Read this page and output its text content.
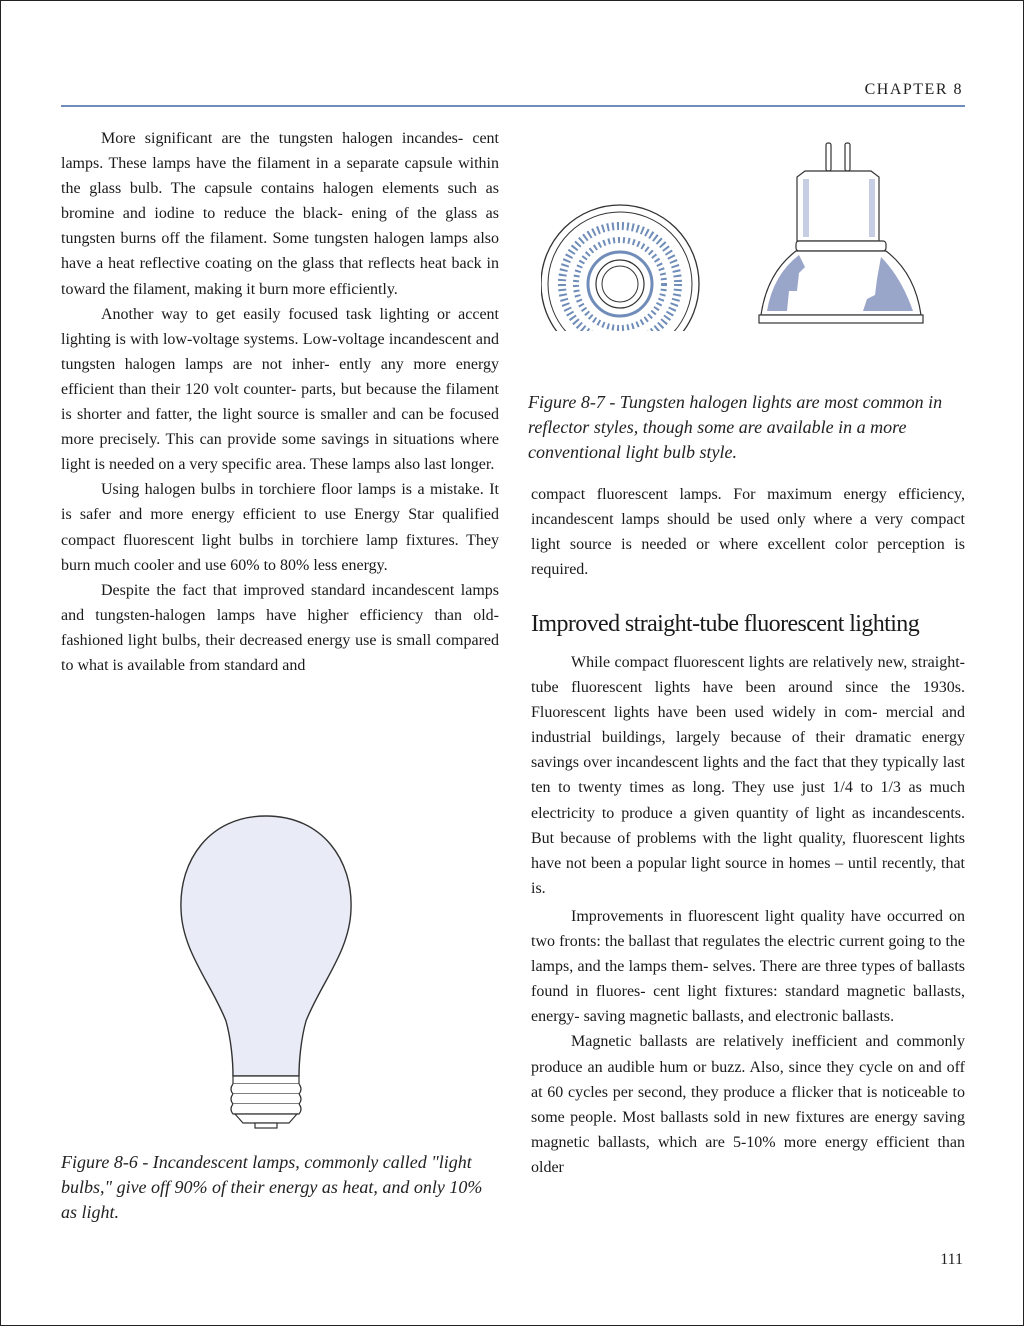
CHAPTER 8

More significant are the tungsten halogen incandes- cent lamps. These lamps have the filament in a separate capsule within the glass bulb. The capsule contains halogen elements such as bromine and iodine to reduce the black- ening of the glass as tungsten burns off the filament. Some tungsten halogen lamps also have a heat reflective coating on the glass that reflects heat back in toward the filament, making it burn more efficiently.

Another way to get easily focused task lighting or accent lighting is with low-voltage systems. Low-voltage incandescent and tungsten halogen lamps are not inher- ently any more energy efficient than their 120 volt counter- parts, but because the filament is shorter and fatter, the light source is smaller and can be focused more precisely. This can provide some savings in situations where light is needed on a very specific area. These lamps also last longer.

Using halogen bulbs in torchiere floor lamps is a mistake. It is safer and more energy efficient to use Energy Star qualified compact fluorescent light bulbs in torchiere lamp fixtures. They burn much cooler and use 60% to 80% less energy.

Despite the fact that improved standard incandescent lamps and tungsten-halogen lamps have higher efficiency than old-fashioned light bulbs, their decreased energy use is small compared to what is available from standard and

Figure 8-7 - Tungsten halogen lights are most common in reflector styles, though some are available in a more conventional light bulb style.

compact fluorescent lamps. For maximum energy efficiency, incandescent lamps should be used only where a very compact light source is needed or where excellent color perception is required.

Improved straight-tube fluorescent lighting

While compact fluorescent lights are relatively new, straight-tube fluorescent lights have been around since the 1930s. Fluorescent lights have been used widely in com- mercial and industrial buildings, largely because of their dramatic energy savings over incandescent lights and the fact that they typically last ten to twenty times as long. They use just 1/4 to 1/3 as much electricity to produce a given quantity of light as incandescents. But because of problems with the light quality, fluorescent lights have not been a popular light source in homes – until recently, that is.

Improvements in fluorescent light quality have occurred on two fronts: the ballast that regulates the electric current going to the lamps, and the lamps them- selves. There are three types of ballasts found in fluores- cent light fixtures: standard magnetic ballasts, energy- saving magnetic ballasts, and electronic ballasts.

Magnetic ballasts are relatively inefficient and commonly produce an audible hum or buzz. Also, since they cycle on and off at 60 cycles per second, they produce a flicker that is noticeable to some people. Most ballasts sold in new fixtures are energy saving magnetic ballasts, which are 5-10% more energy efficient than older

Figure 8-6 - Incandescent lamps, commonly called "light bulbs," give off 90% of their energy as heat, and only 10% as light.
111
